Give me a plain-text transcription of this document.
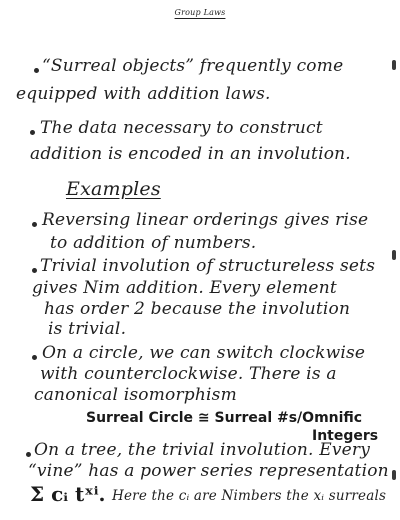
Group Laws
“Surreal objects” frequently come
equipped with addition laws.
The data necessary to construct
addition is encoded in an involution.
Examples
Reversing linear orderings gives rise
to addition of numbers.
Trivial involution of structureless sets
gives Nim addition. Every element
has order 2 because the involution
is trivial.
On a circle, we can switch clockwise
with counterclockwise. There is a
canonical isomorphism
Surreal Circle ≅ Surreal #s/Omnific
Integers
On a tree, the trivial involution. Every
“vine” has a power series representation
Σ cᵢ tˣⁱ. Here the cᵢ are Nimbers the xᵢ surreals
